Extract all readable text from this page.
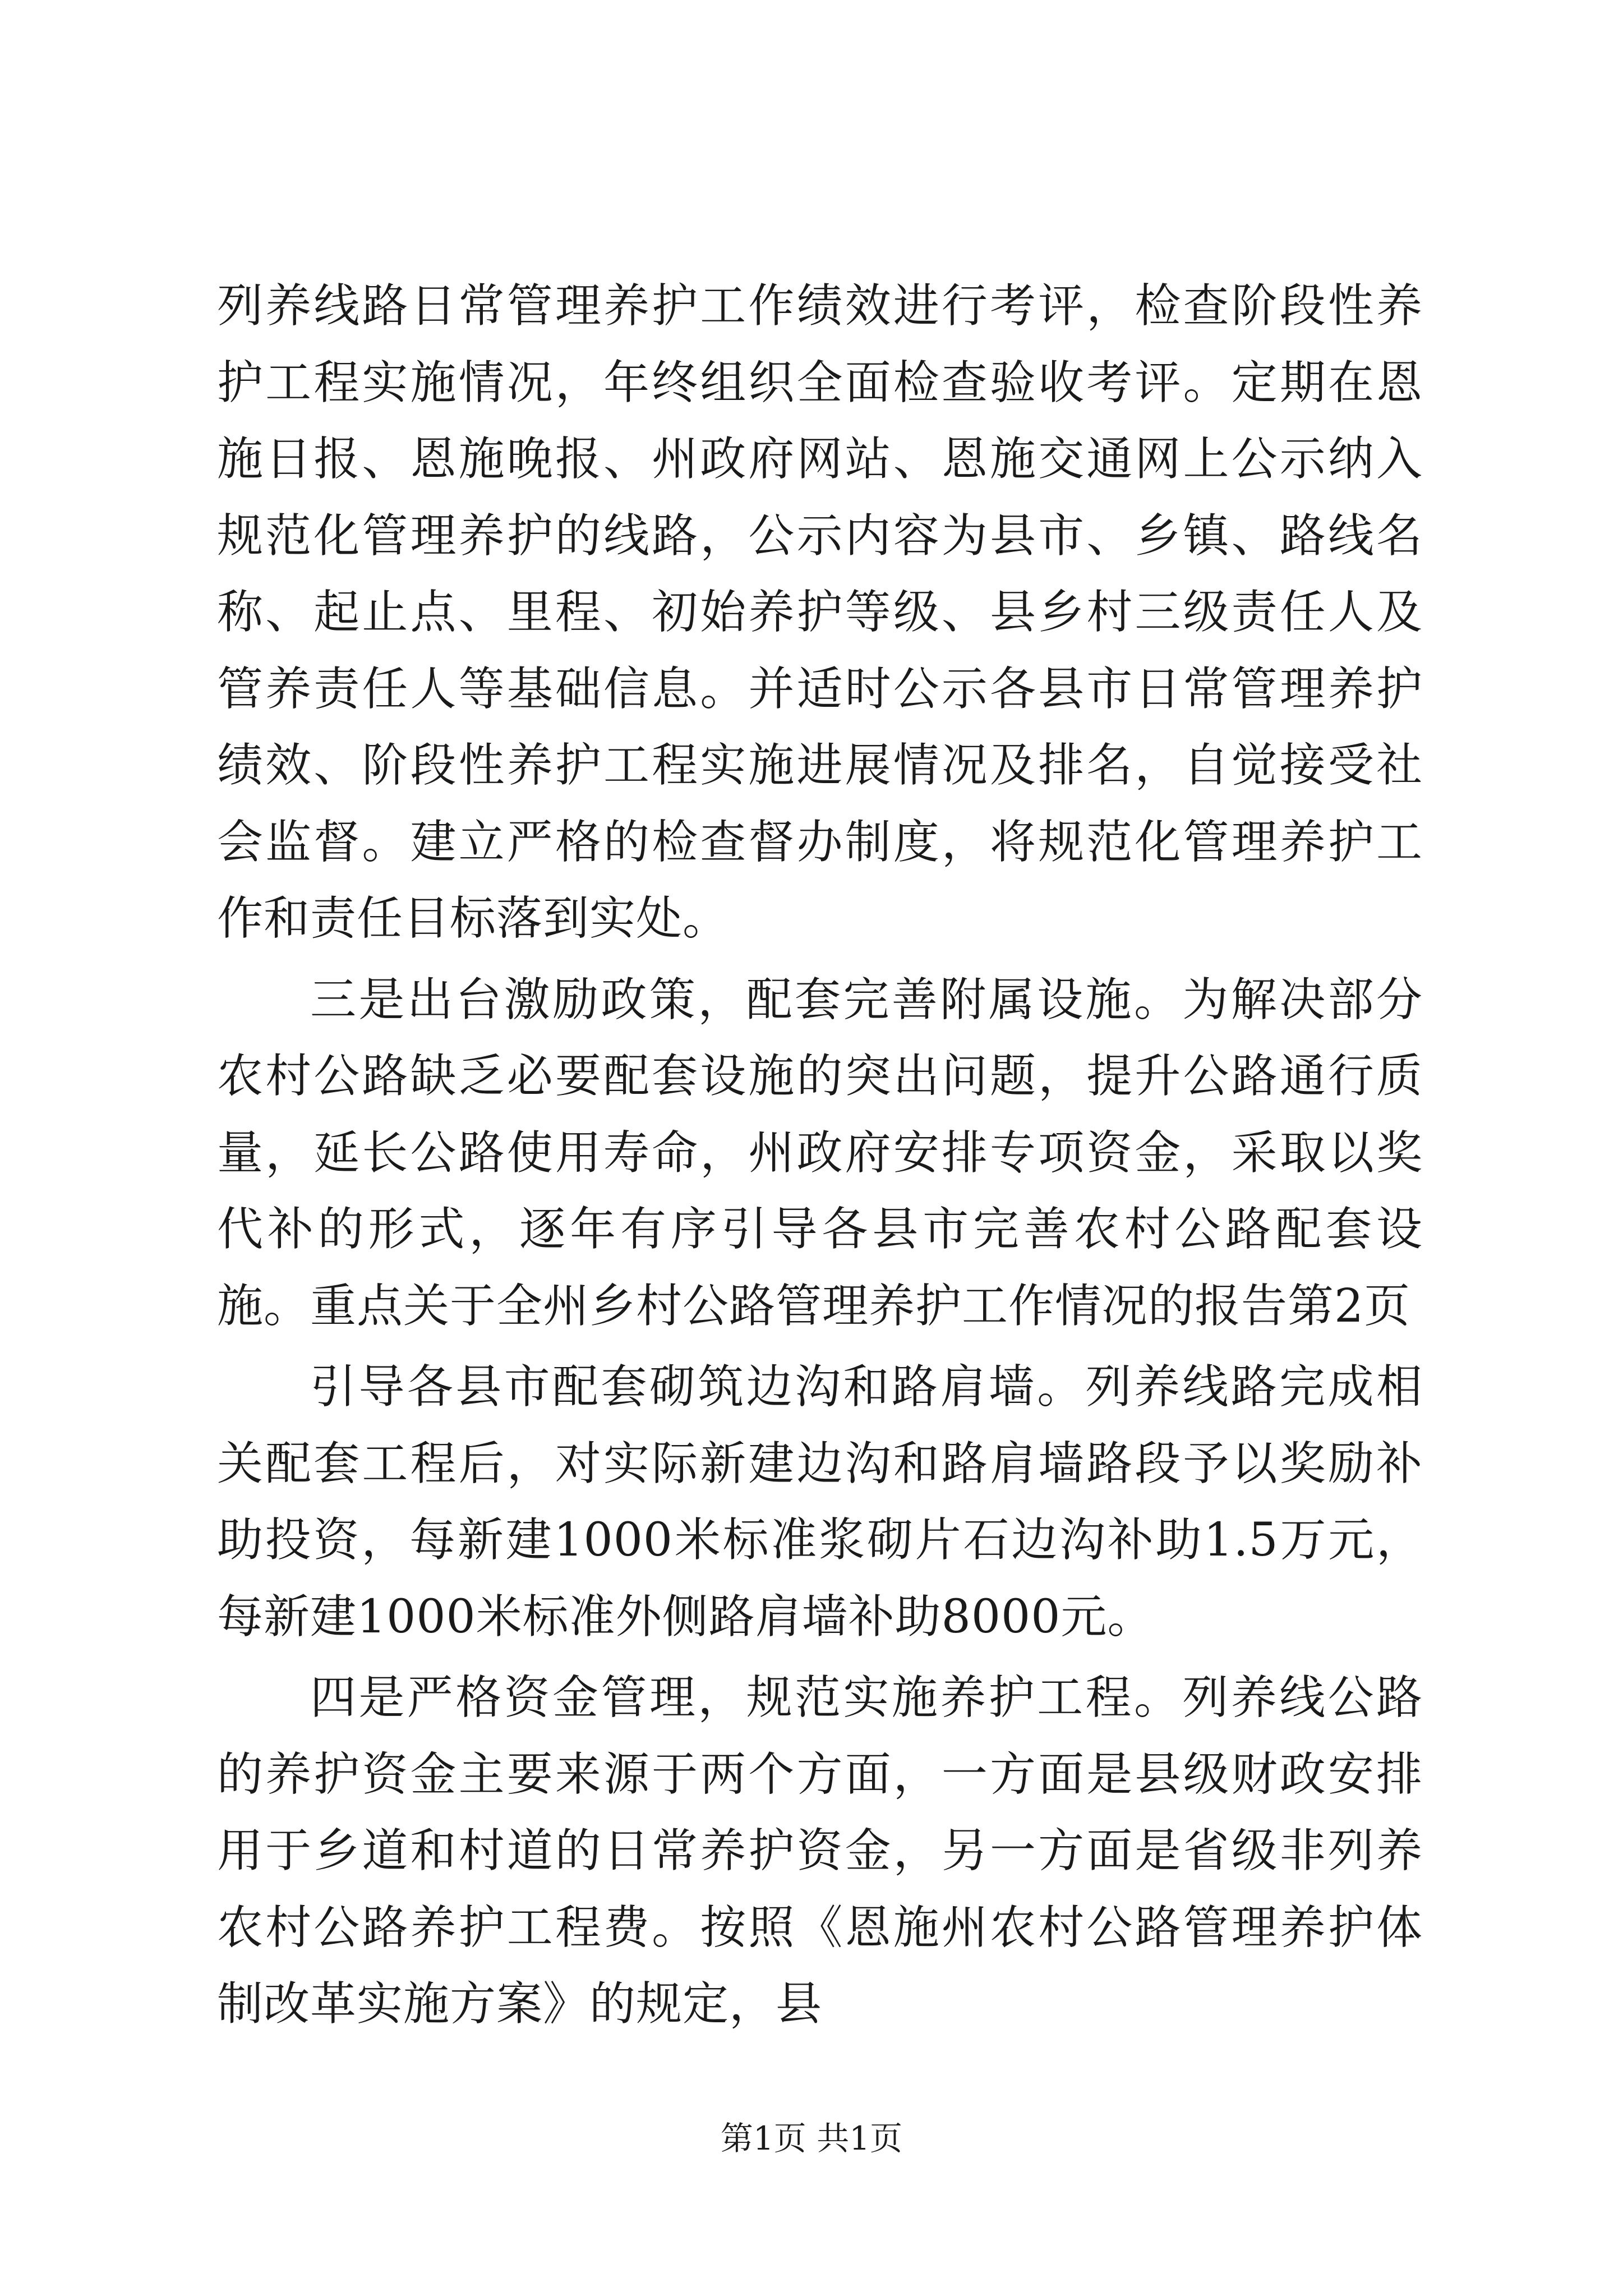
列养线路日常管理养护工作绩效进行考评，检查阶段性养护工程实施情况，年终组织全面检查验收考评。定期在恩施日报、恩施晚报、州政府网站、恩施交通网上公示纳入规范化管理养护的线路，公示内容为县市、乡镇、路线名称、起止点、里程、初始养护等级、县乡村三级责任人及管养责任人等基础信息。并适时公示各县市日常管理养护绩效、阶段性养护工程实施进展情况及排名，自觉接受社会监督。建立严格的检查督办制度，将规范化管理养护工作和责任目标落到实处。

三是出台激励政策，配套完善附属设施。为解决部分农村公路缺乏必要配套设施的突出问题，提升公路通行质量，延长公路使用寿命，州政府安排专项资金，采取以奖代补的形式，逐年有序引导各县市完善农村公路配套设施。重点关于全州乡村公路管理养护工作情况的报告第2页

引导各县市配套砌筑边沟和路肩墙。列养线路完成相关配套工程后，对实际新建边沟和路肩墙路段予以奖励补助投资，每新建1000米标准浆砌片石边沟补助1.5万元，每新建1000米标准外侧路肩墙补助8000元。

四是严格资金管理，规范实施养护工程。列养线公路的养护资金主要来源于两个方面，一方面是县级财政安排用于乡道和村道的日常养护资金，另一方面是省级非列养农村公路养护工程费。按照《恩施州农村公路管理养护体制改革实施方案》的规定，县

第1页 共1页
